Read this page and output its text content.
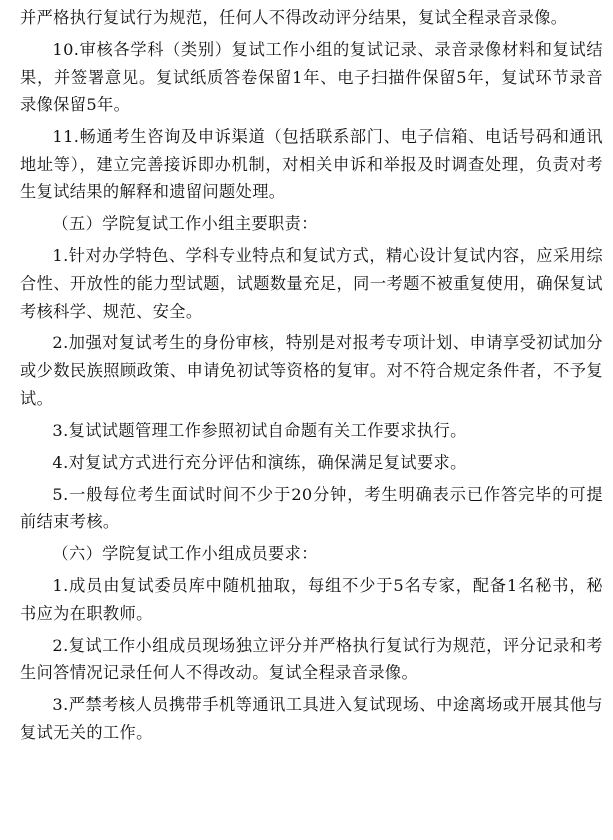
并严格执行复试行为规范，任何人不得改动评分结果，复试全程录音录像。

10.审核各学科（类别）复试工作小组的复试记录、录音录像材料和复试结果，并签署意见。复试纸质答卷保留1年、电子扫描件保留5年，复试环节录音录像保留5年。

11.畅通考生咨询及申诉渠道（包括联系部门、电子信箱、电话号码和通讯地址等），建立完善接诉即办机制，对相关申诉和举报及时调查处理，负责对考生复试结果的解释和遗留问题处理。

（五）学院复试工作小组主要职责：

1.针对办学特色、学科专业特点和复试方式，精心设计复试内容，应采用综合性、开放性的能力型试题，试题数量充足，同一考题不被重复使用，确保复试考核科学、规范、安全。

2.加强对复试考生的身份审核，特别是对报考专项计划、申请享受初试加分或少数民族照顾政策、申请免初试等资格的复审。对不符合规定条件者，不予复试。

3.复试试题管理工作参照初试自命题有关工作要求执行。

4.对复试方式进行充分评估和演练，确保满足复试要求。

5.一般每位考生面试时间不少于20分钟，考生明确表示已作答完毕的可提前结束考核。

（六）学院复试工作小组成员要求：

1.成员由复试委员库中随机抽取，每组不少于5名专家，配备1名秘书，秘书应为在职教师。

2.复试工作小组成员现场独立评分并严格执行复试行为规范，评分记录和考生问答情况记录任何人不得改动。复试全程录音录像。

3.严禁考核人员携带手机等通讯工具进入复试现场、中途离场或开展其他与复试无关的工作。
